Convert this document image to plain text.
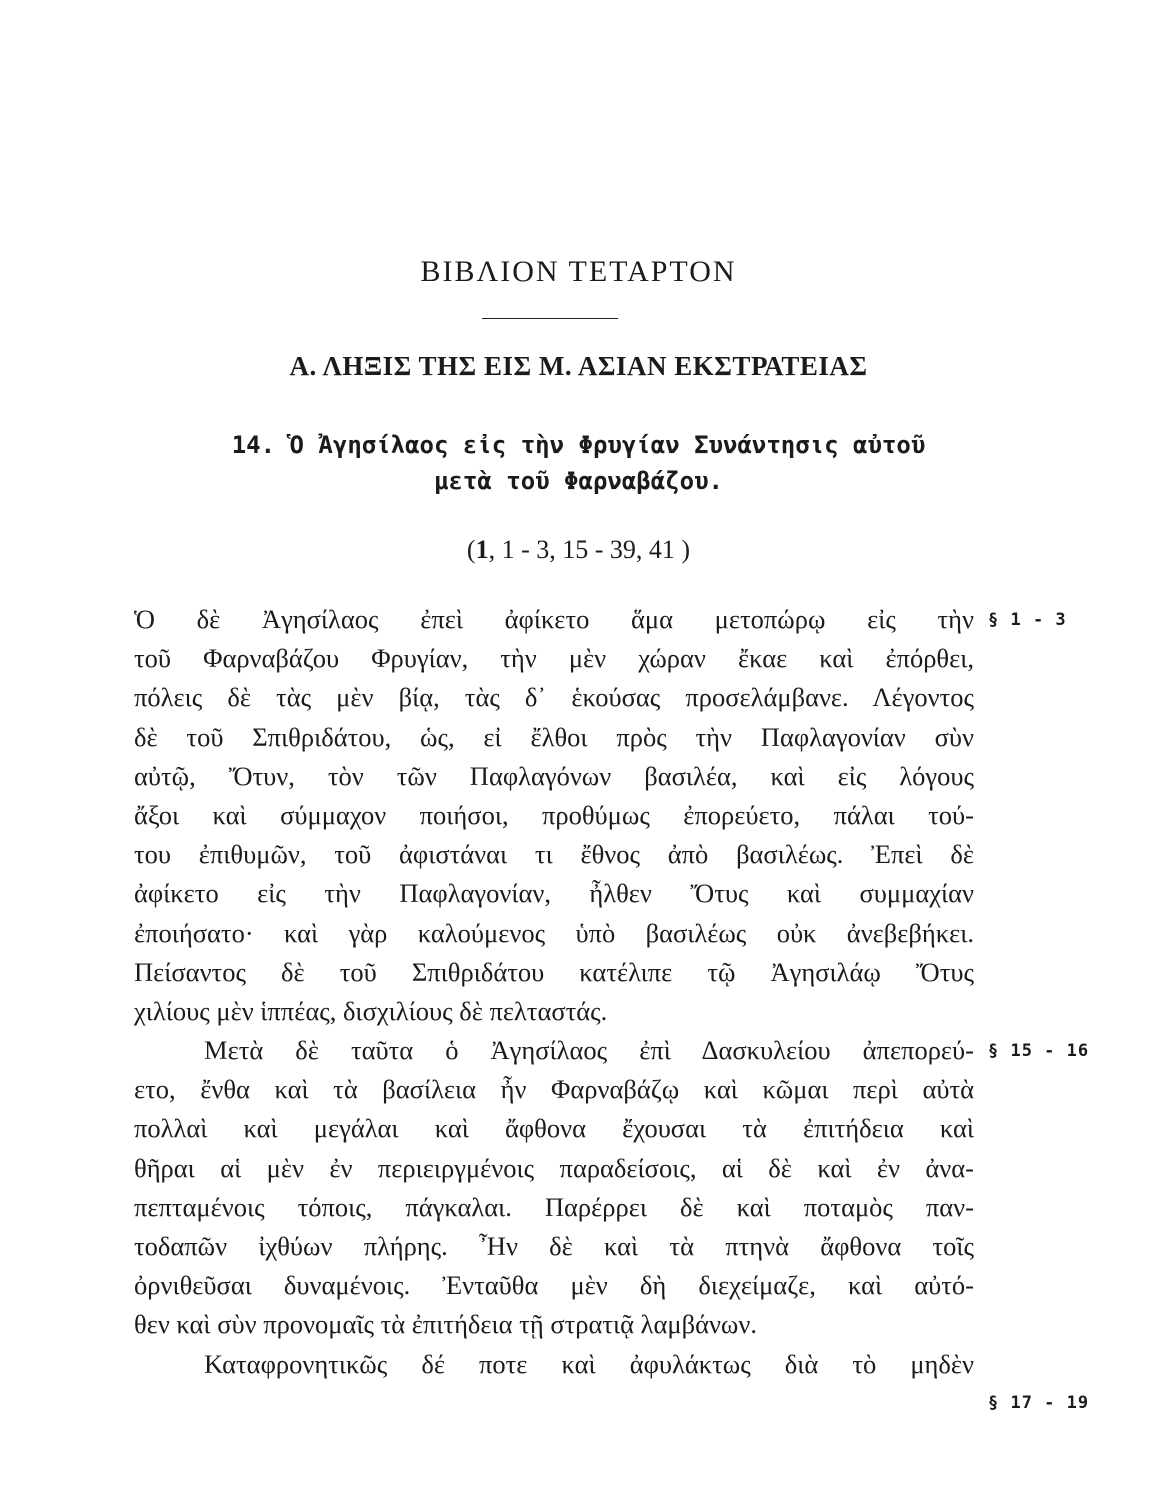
ΒΙΒΛΙΟΝ ΤΕΤΑΡΤΟΝ
Α. ΛΗΞΙΣ ΤΗΣ ΕΙΣ Μ. ΑΣΙΑΝ ΕΚΣΤΡΑΤΕΙΑΣ
14. Ὁ Ἀγησίλαος εἰς τὴν Φρυγίαν Συνάντησις αὐτοῦ
μετὰ τοῦ Φαρναβάζου.
(1, 1 - 3, 15 - 39, 41 )
Ὁ δὲ Ἀγησίλαος ἐπεὶ ἀφίκετο ἅμα μετοπώρῳ εἰς τὴν
τοῦ Φαρναβάζου Φρυγίαν, τὴν μὲν χώραν ἔκαε καὶ ἐπόρθει,
πόλεις δὲ τὰς μὲν βίᾳ, τὰς δ᾽ ἑκούσας προσελάμβανε. Λέγοντος
δὲ τοῦ Σπιθριδάτου, ὡς, εἰ ἔλθοι πρὸς τὴν Παφλαγονίαν σὺν
αὐτῷ, Ὄτυν, τὸν τῶν Παφλαγόνων βασιλέα, καὶ εἰς λόγους
ἄξοι καὶ σύμμαχον ποιήσοι, προθύμως ἐπορεύετο, πάλαι τού-
του ἐπιθυμῶν, τοῦ ἀφιστάναι τι ἔθνος ἀπὸ βασιλέως. Ἐπεὶ δὲ
ἀφίκετο εἰς τὴν Παφλαγονίαν, ἦλθεν Ὄτυς καὶ συμμαχίαν
ἐποιήσατο· καὶ γὰρ καλούμενος ὑπὸ βασιλέως οὐκ ἀνεβεβήκει.
Πείσαντος δὲ τοῦ Σπιθριδάτου κατέλιπε τῷ Ἀγησιλάῳ Ὄτυς
χιλίους μὲν ἱππέας, δισχιλίους δὲ πελταστάς.
Μετὰ δὲ ταῦτα ὁ Ἀγησίλαος ἐπὶ Δασκυλείου ἀπεπορεύ-
ετο, ἔνθα καὶ τὰ βασίλεια ἦν Φαρναβάζῳ καὶ κῶμαι περὶ αὐτὰ
πολλαὶ καὶ μεγάλαι καὶ ἄφθονα ἔχουσαι τὰ ἐπιτήδεια καὶ
θῆραι αἱ μὲν ἐν περιειργμένοις παραδείσοις, αἱ δὲ καὶ ἐν ἀνα-
πεπταμένοις τόποις, πάγκαλαι. Παρέρρει δὲ καὶ ποταμὸς παν-
τοδαπῶν ἰχθύων πλήρης. Ἦν δὲ καὶ τὰ πτηνὰ ἄφθονα τοῖς
ὀρνιθεῦσαι δυναμένοις. Ἐνταῦθα μὲν δὴ διεχείμαζε, καὶ αὐτό-
θεν καὶ σὺν προνομαῖς τὰ ἐπιτήδεια τῇ στρατιᾷ λαμβάνων.
Καταφρονητικῶς δέ ποτε καὶ ἀφυλάκτως διὰ τὸ μηδὲν
§ 1 - 3
§ 15 - 16
§ 17 - 19
